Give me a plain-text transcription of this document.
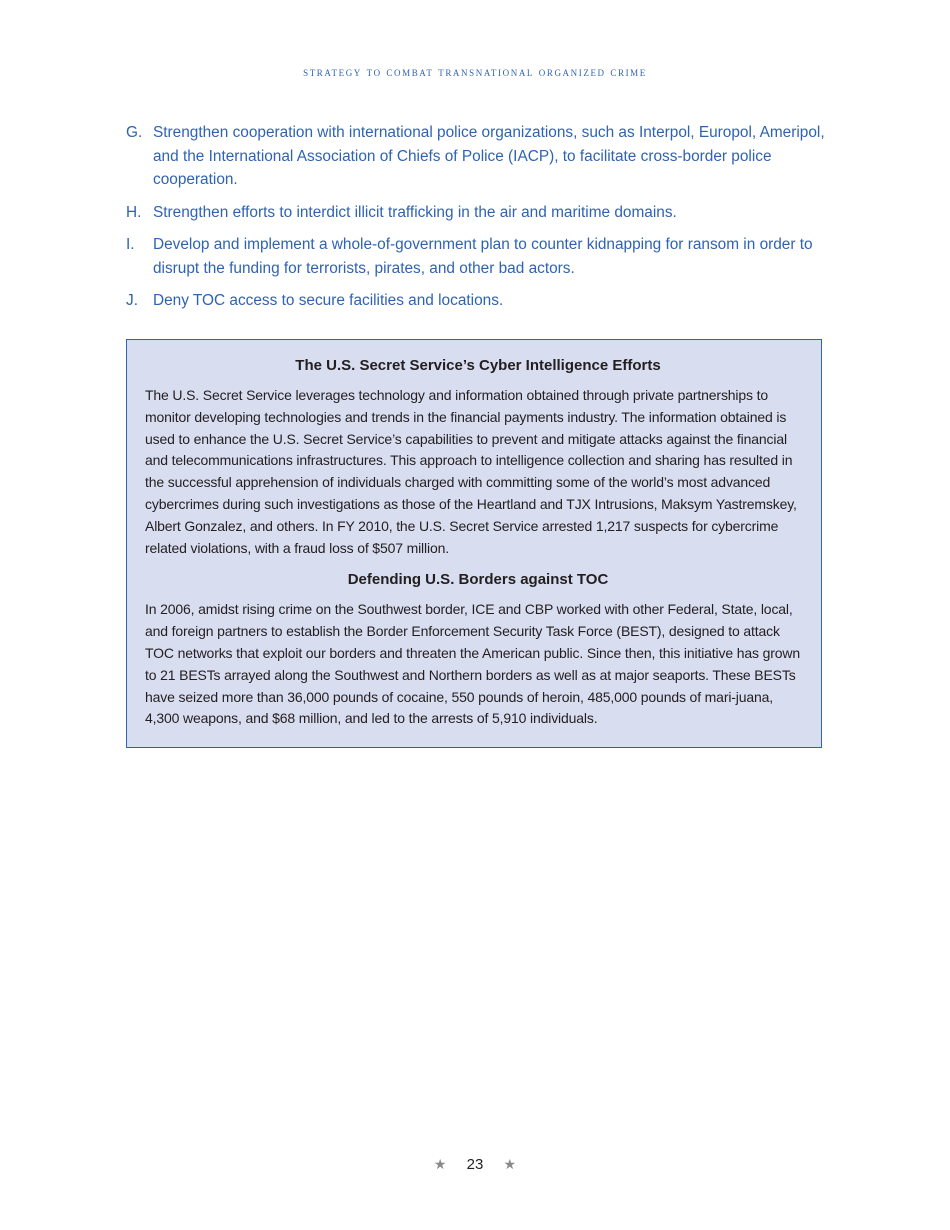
strategy to combat transnational organized crime
G. Strengthen cooperation with international police organizations, such as Interpol, Europol, Ameripol, and the International Association of Chiefs of Police (IACP), to facilitate cross-border police cooperation.
H. Strengthen efforts to interdict illicit trafficking in the air and maritime domains.
I.	Develop and implement a whole-of-government plan to counter kidnapping for ransom in order to disrupt the funding for terrorists, pirates, and other bad actors.
J. Deny TOC access to secure facilities and locations.
The U.S. Secret Service’s Cyber Intelligence Efforts

The U.S. Secret Service leverages technology and information obtained through private partnerships to monitor developing technologies and trends in the financial payments industry. The information obtained is used to enhance the U.S. Secret Service’s capabilities to prevent and mitigate attacks against the financial and telecommunications infrastructures. This approach to intelligence collection and sharing has resulted in the successful apprehension of individuals charged with committing some of the world’s most advanced cybercrimes during such investigations as those of the Heartland and TJX Intrusions, Maksym Yastremskey, Albert Gonzalez, and others. In FY 2010, the U.S. Secret Service arrested 1,217 suspects for cybercrime related violations, with a fraud loss of $507 million.

Defending U.S. Borders against TOC

In 2006, amidst rising crime on the Southwest border, ICE and CBP worked with other Federal, State, local, and foreign partners to establish the Border Enforcement Security Task Force (BEST), designed to attack TOC networks that exploit our borders and threaten the American public. Since then, this initiative has grown to 21 BESTs arrayed along the Southwest and Northern borders as well as at major seaports. These BESTs have seized more than 36,000 pounds of cocaine, 550 pounds of heroin, 485,000 pounds of mari-juana, 4,300 weapons, and $68 million, and led to the arrests of 5,910 individuals.

★ 23 ★
